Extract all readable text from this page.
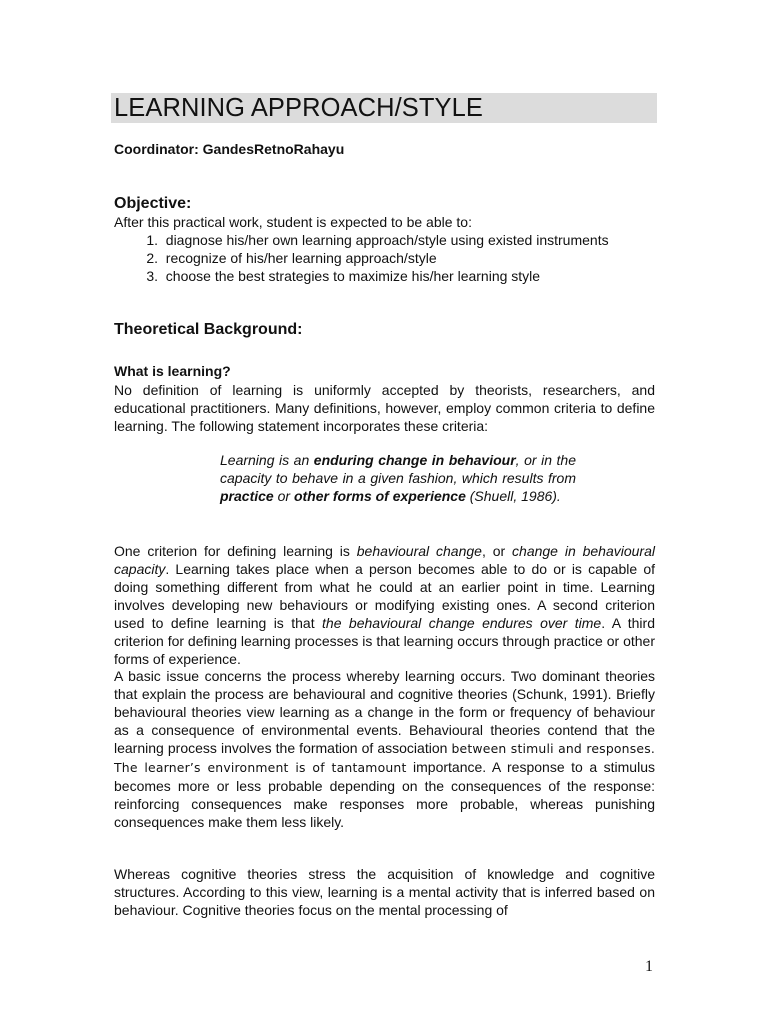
LEARNING APPROACH/STYLE

Coordinator: GandesRetnoRahayu

Objective:

After this practical work, student is expected to be able to:

1.
diagnose his/her own learning approach/style using existed instruments
2.
recognize of his/her learning approach/style
3.
choose the best strategies to maximize his/her learning style
Theoretical Background:

What is learning?

No definition of learning is uniformly accepted by theorists, researchers, and educational practitioners. Many definitions, however, employ common criteria to define learning. The following statement incorporates these criteria:

Learning is an enduring change in behaviour, or in the capacity to behave in a given fashion, which results from practice or other forms of experience (Shuell, 1986).

One criterion for defining learning is behavioural change, or change in behavioural capacity. Learning takes place when a person becomes able to do or is capable of doing something different from what he could at an earlier point in time. Learning involves developing new behaviours or modifying existing ones. A second criterion used to define learning is that the behavioural change endures over time. A third criterion for defining learning processes is that learning occurs through practice or other forms of experience.

A basic issue concerns the process whereby learning occurs. Two dominant theories that explain the process are behavioural and cognitive theories (Schunk, 1991). Briefly behavioural theories view learning as a change in the form or frequency of behaviour as a consequence of environmental events. Behavioural theories contend that the learning process involves the formation of association between stimuli and responses. The learner’s environment is of tantamount importance. A response to a stimulus becomes more or less probable depending on the consequences of the response: reinforcing consequences make responses more probable, whereas punishing consequences make them less likely.

Whereas cognitive theories stress the acquisition of knowledge and cognitive structures. According to this view, learning is a mental activity that is inferred based on behaviour. Cognitive theories focus on the mental processing of

1
